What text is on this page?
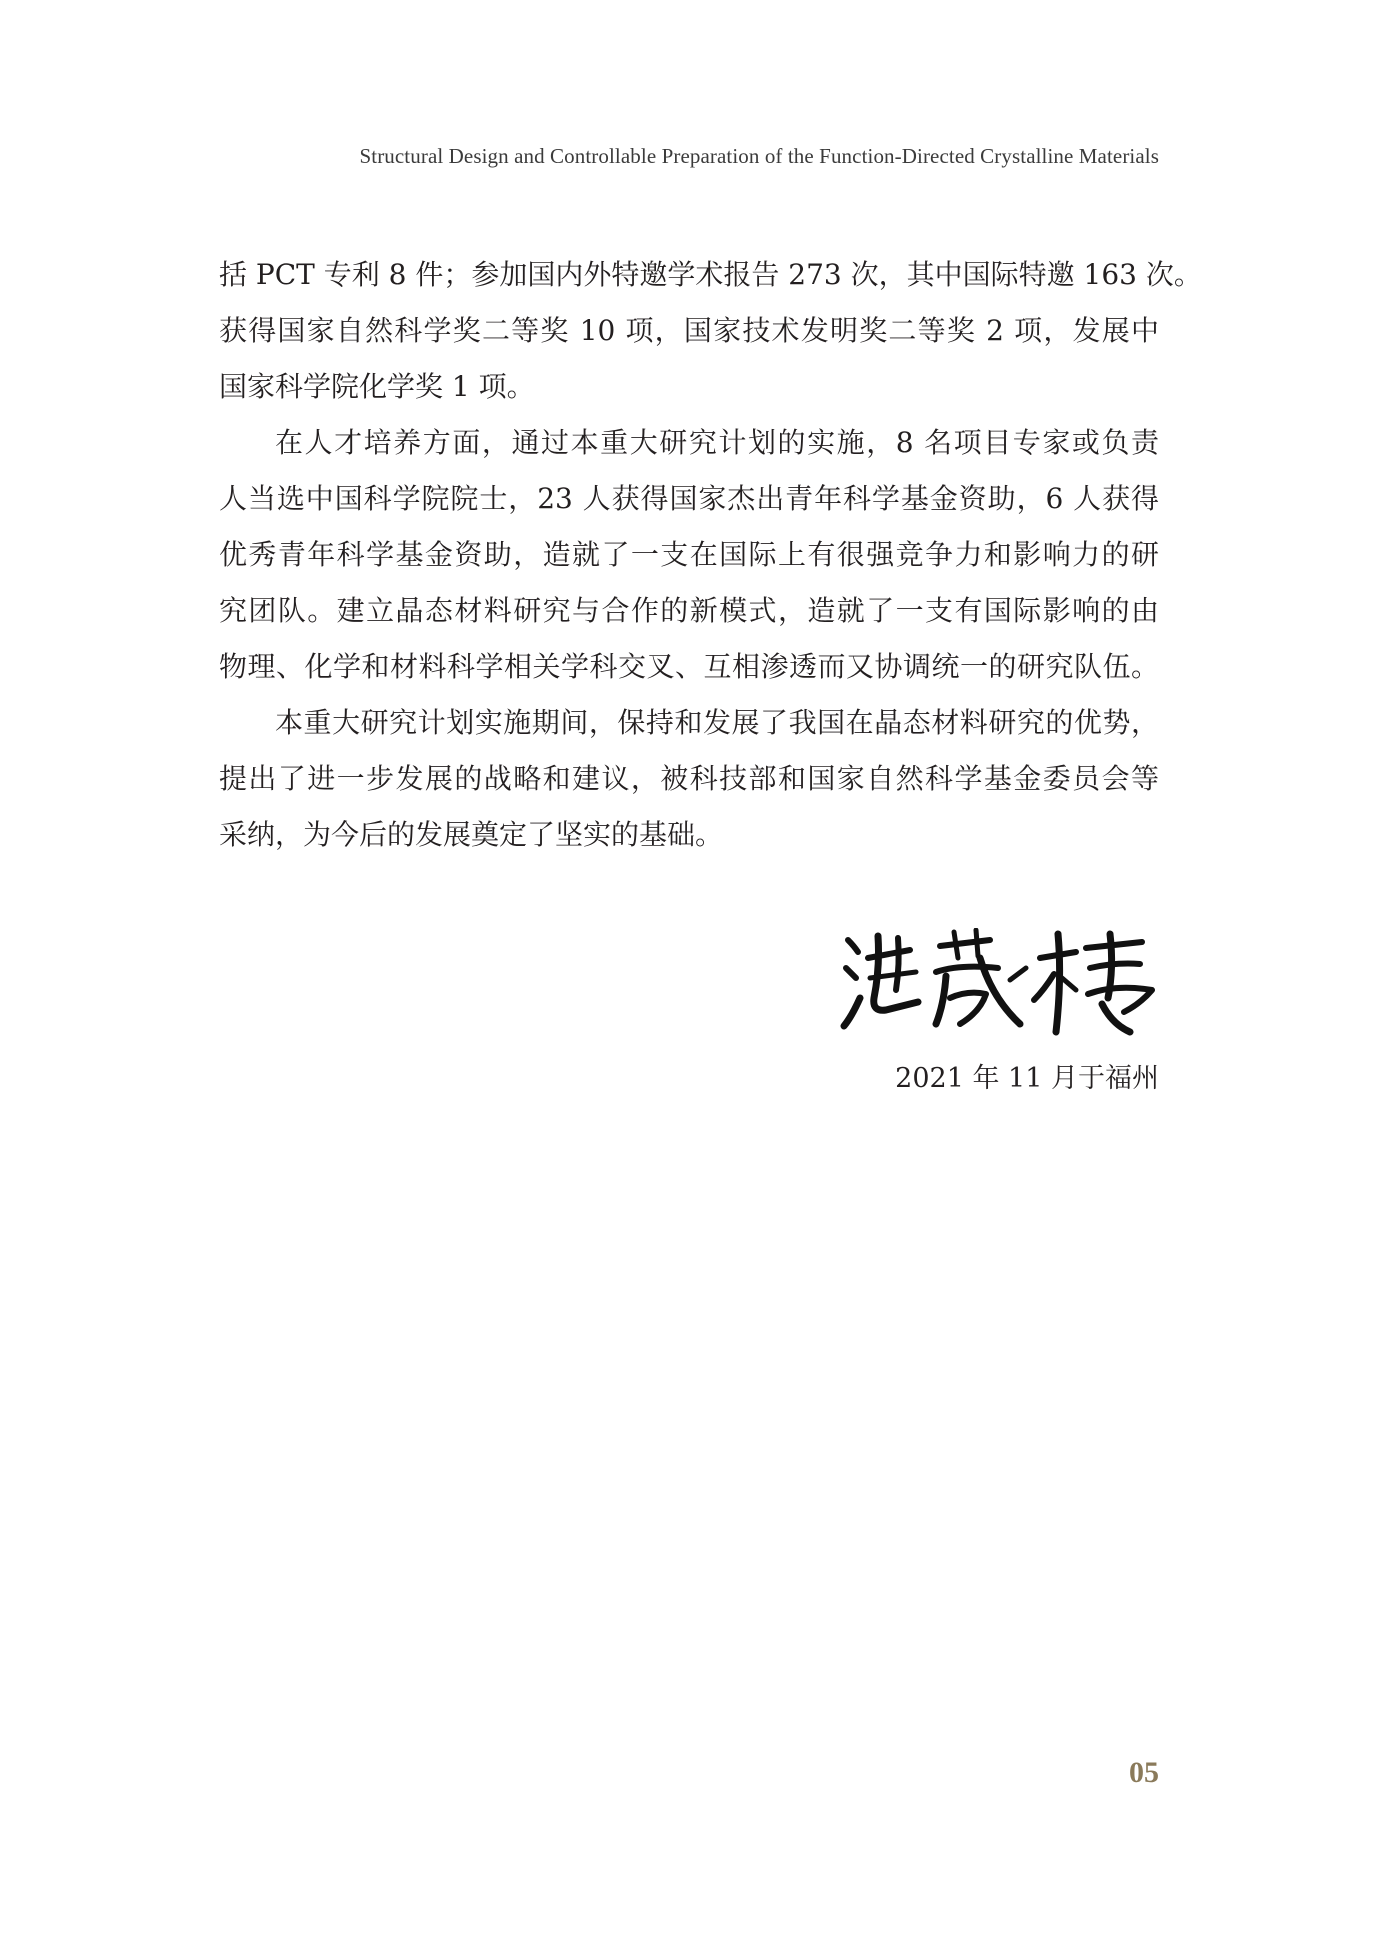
Structural Design and Controllable Preparation of the Function-Directed Crystalline Materials
括 PCT 专利 8 件；参加国内外特邀学术报告 273 次，其中国际特邀 163 次。
获得国家自然科学奖二等奖 10 项，国家技术发明奖二等奖 2 项，发展中
国家科学院化学奖 1 项。
在人才培养方面，通过本重大研究计划的实施，8 名项目专家或负责
人当选中国科学院院士，23 人获得国家杰出青年科学基金资助，6 人获得
优秀青年科学基金资助，造就了一支在国际上有很强竞争力和影响力的研
究团队。建立晶态材料研究与合作的新模式，造就了一支有国际影响的由
物理、化学和材料科学相关学科交叉、互相渗透而又协调统一的研究队伍。
本重大研究计划实施期间，保持和发展了我国在晶态材料研究的优势，
提出了进一步发展的战略和建议，被科技部和国家自然科学基金委员会等
采纳，为今后的发展奠定了坚实的基础。
2021 年 11 月于福州
05
